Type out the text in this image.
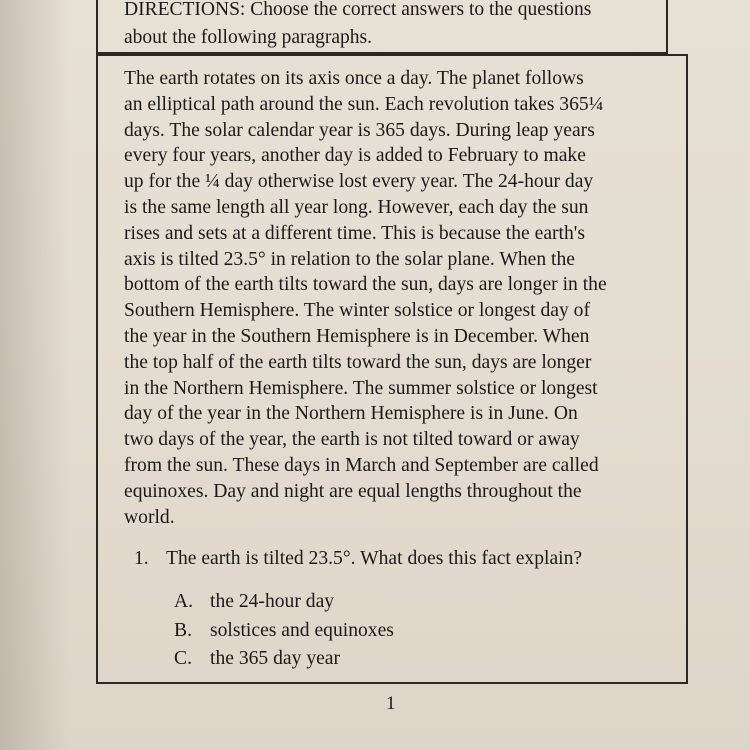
DIRECTIONS: Choose the correct answers to the questions
about the following paragraphs.

The earth rotates on its axis once a day. The planet follows
an elliptical path around the sun. Each revolution takes 365¼
days. The solar calendar year is 365 days. During leap years
every four years, another day is added to February to make
up for the ¼ day otherwise lost every year. The 24-hour day
is the same length all year long. However, each day the sun
rises and sets at a different time. This is because the earth's
axis is tilted 23.5° in relation to the solar plane. When the
bottom of the earth tilts toward the sun, days are longer in the
Southern Hemisphere. The winter solstice or longest day of
the year in the Southern Hemisphere is in December. When
the top half of the earth tilts toward the sun, days are longer
in the Northern Hemisphere. The summer solstice or longest
day of the year in the Northern Hemisphere is in June. On
two days of the year, the earth is not tilted toward or away
from the sun. These days in March and September are called
equinoxes. Day and night are equal lengths throughout the
world.

1. The earth is tilted 23.5°. What does this fact explain?
A. the 24-hour day
B. solstices and equinoxes
C. the 365 day year
1
